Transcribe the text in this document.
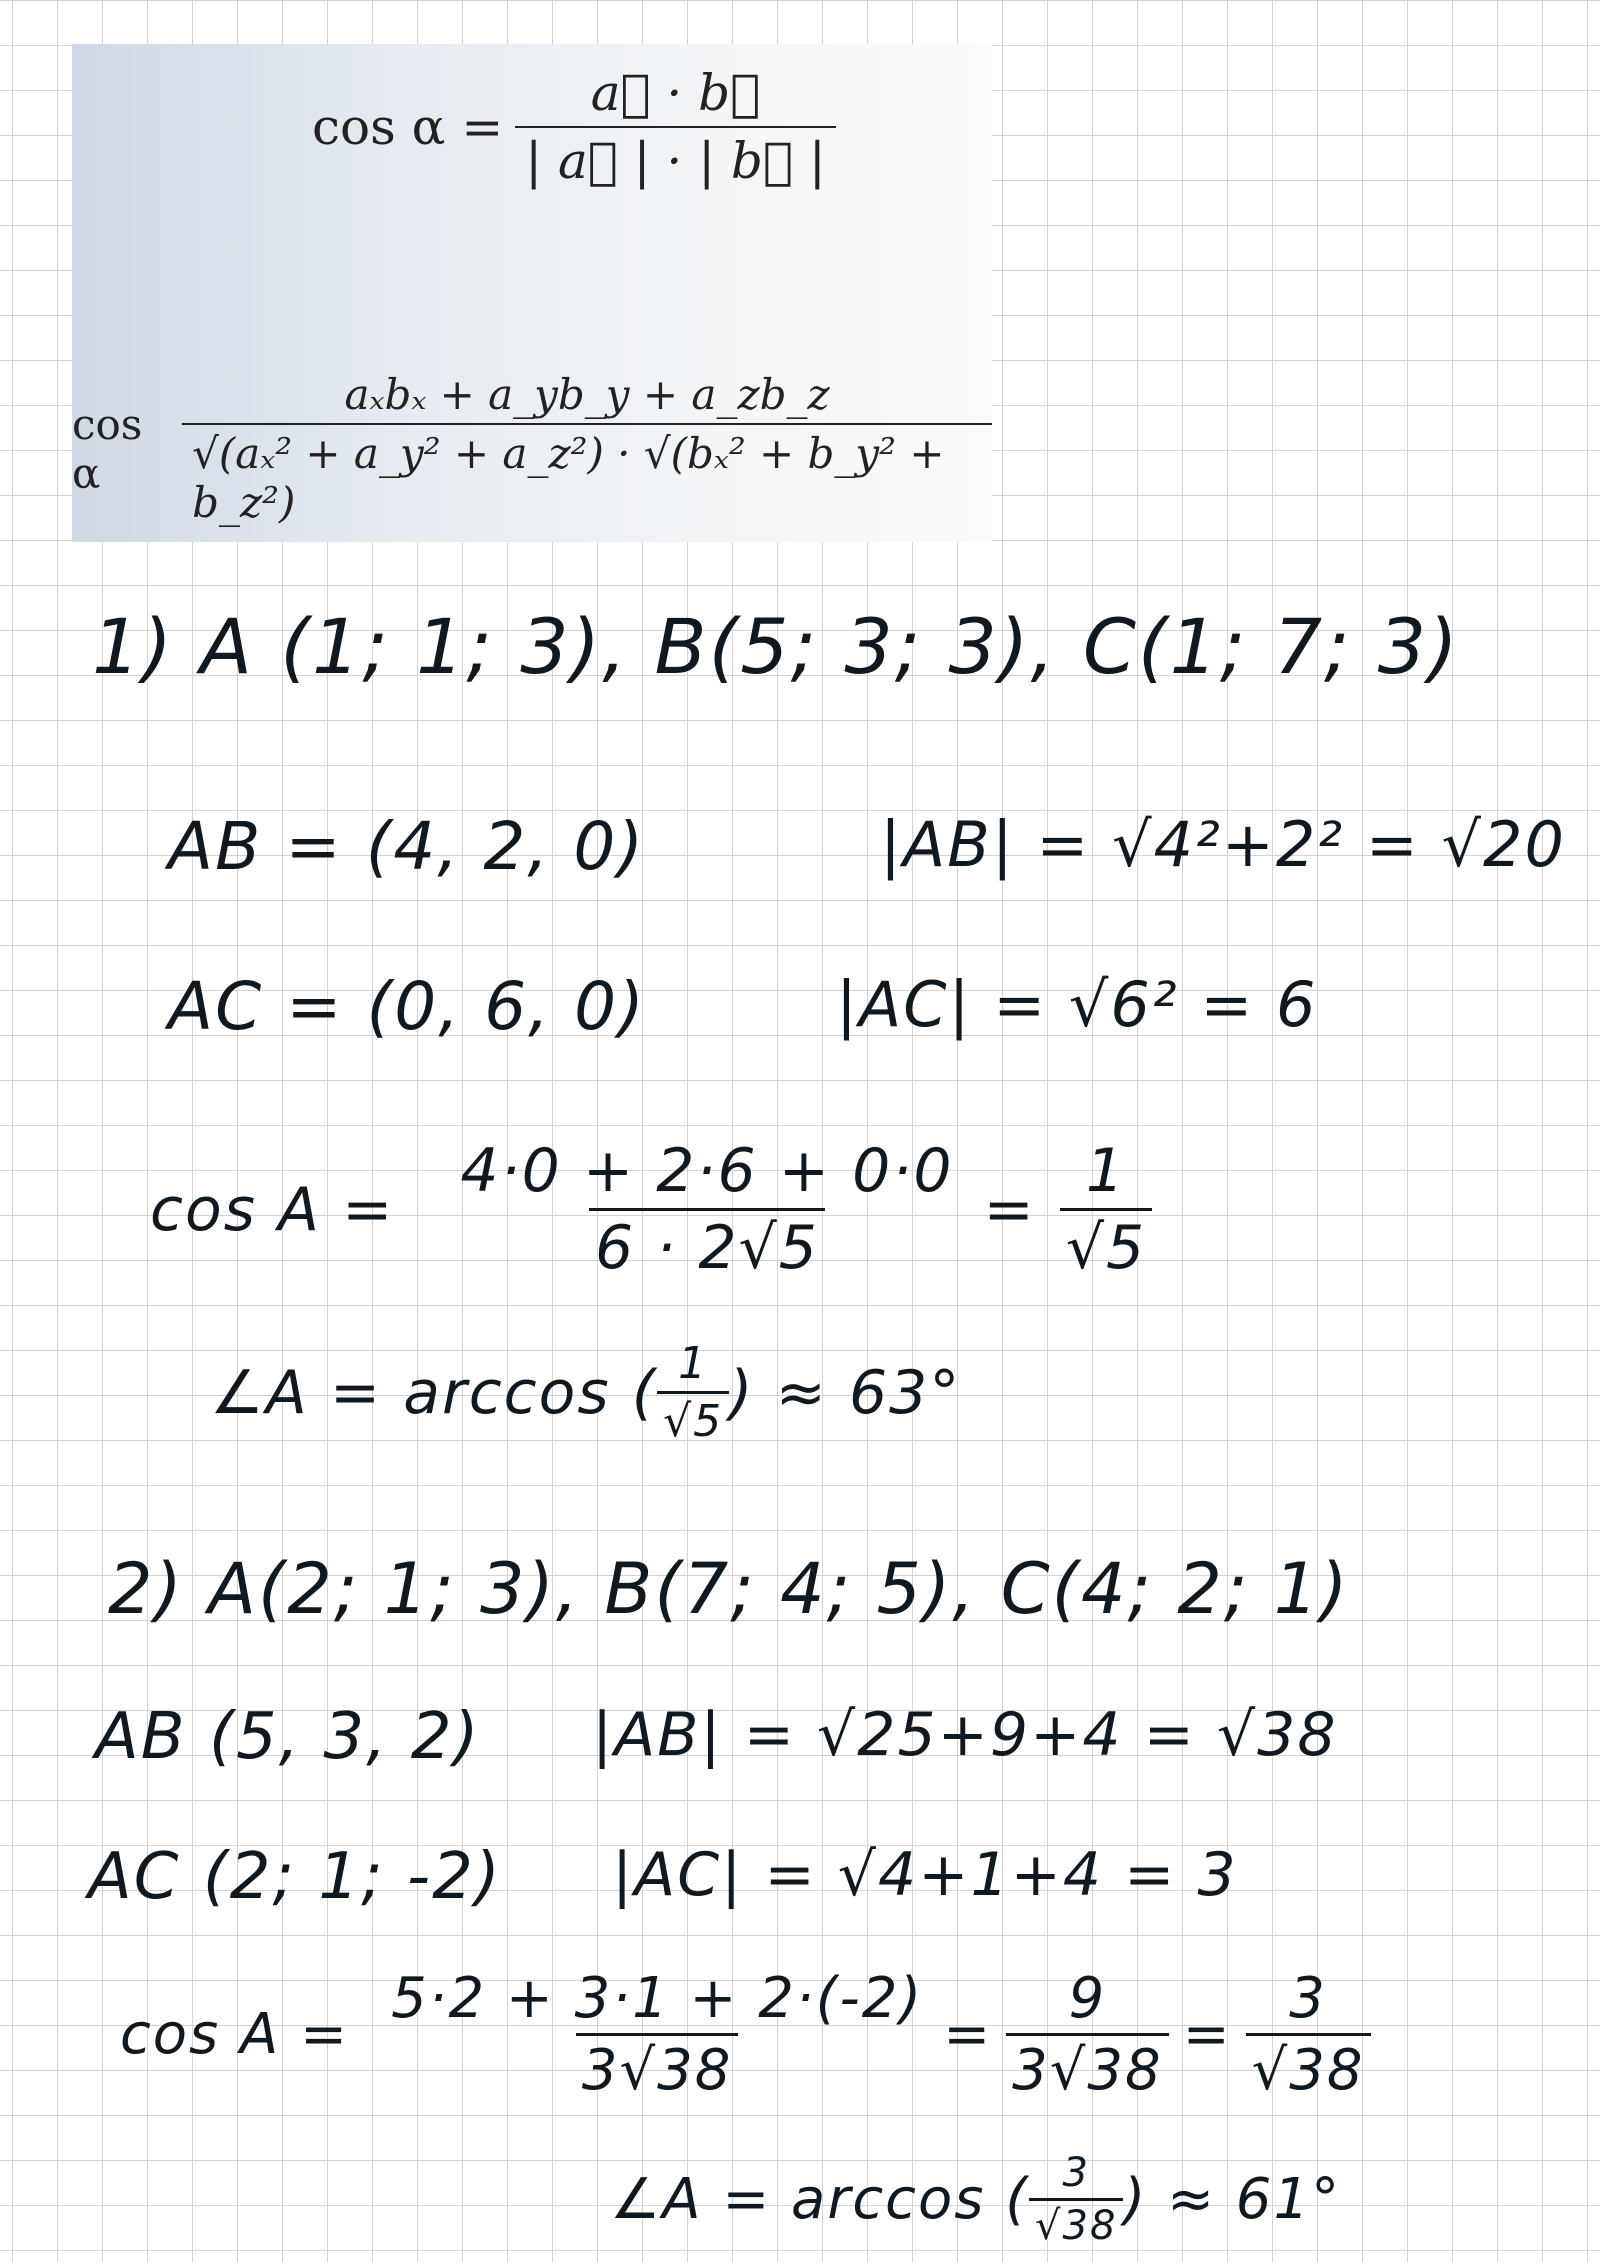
$\cos \alpha = \frac{a⃗ \cdot b⃗}{| a⃗ | \cdot | b⃗ |}$
cos α	$\frac{\text{aₓbₓ + a\_yb\_y + a\_zb\_z}}{\text{√(aₓ² + a\_y² + a\_z²) · √(bₓ² + b\_y² + b\_z²)}}$
1) A (1; 1; 3), B(5; 3; 3), C(1; 7; 3)
AB = (4, 2, 0)	|AB| = √4²+2² = √20
AC = (0, 6, 0)	|AC| = √6² = 6
$\cos A = \frac{4\cdot 0 + 2\cdot 6 + 0\cdot 0}{6 \cdot 2√5} = \frac{1}{√5}$
∠A = arccos ( $\frac{1}{√5}$ ) ≈ 63°
2) A(2; 1; 3), B(7; 4; 5), C(4; 2; 1)
AB (5, 3, 2) |AB| = √25+9+4 = √38
AC (2; 1; -2) |AC| = √4+1+4 = 3
$\cos A = \frac{5\cdot 2 + 3\cdot 1 + 2\cdot(-2)}{3√38} = \frac{9}{3√38} = \frac{3}{√38}$
∠A = arccos ( $\frac{3}{√38}$ ) ≈ 61°
